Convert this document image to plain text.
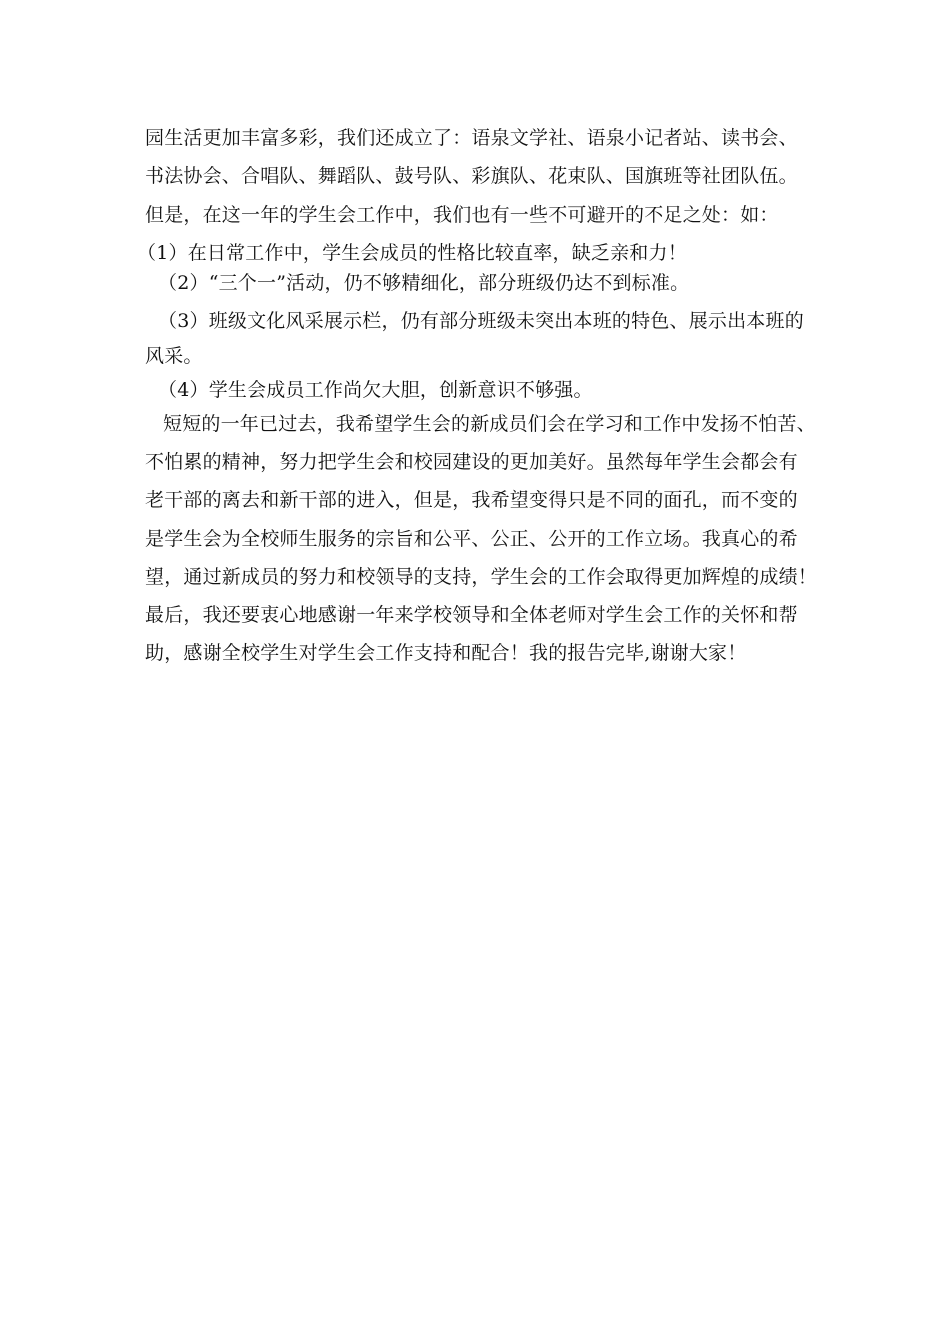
园生活更加丰富多彩，我们还成立了：语泉文学社、语泉小记者站、读书会、
书法协会、合唱队、舞蹈队、鼓号队、彩旗队、花束队、国旗班等社团队伍。
但是，在这一年的学生会工作中，我们也有一些不可避开的不足之处：如：
（1）在日常工作中，学生会成员的性格比较直率，缺乏亲和力！
（2）“三个一”活动，仍不够精细化，部分班级仍达不到标准。
（3）班级文化风采展示栏，仍有部分班级未突出本班的特色、展示出本班的
风采。
（4）学生会成员工作尚欠大胆，创新意识不够强。
短短的一年已过去，我希望学生会的新成员们会在学习和工作中发扬不怕苦、
不怕累的精神，努力把学生会和校园建设的更加美好。虽然每年学生会都会有
老干部的离去和新干部的进入，但是，我希望变得只是不同的面孔，而不变的
是学生会为全校师生服务的宗旨和公平、公正、公开的工作立场。我真心的希
望，通过新成员的努力和校领导的支持，学生会的工作会取得更加辉煌的成绩！
最后，我还要衷心地感谢一年来学校领导和全体老师对学生会工作的关怀和帮
助，感谢全校学生对学生会工作支持和配合！我的报告完毕,谢谢大家！
